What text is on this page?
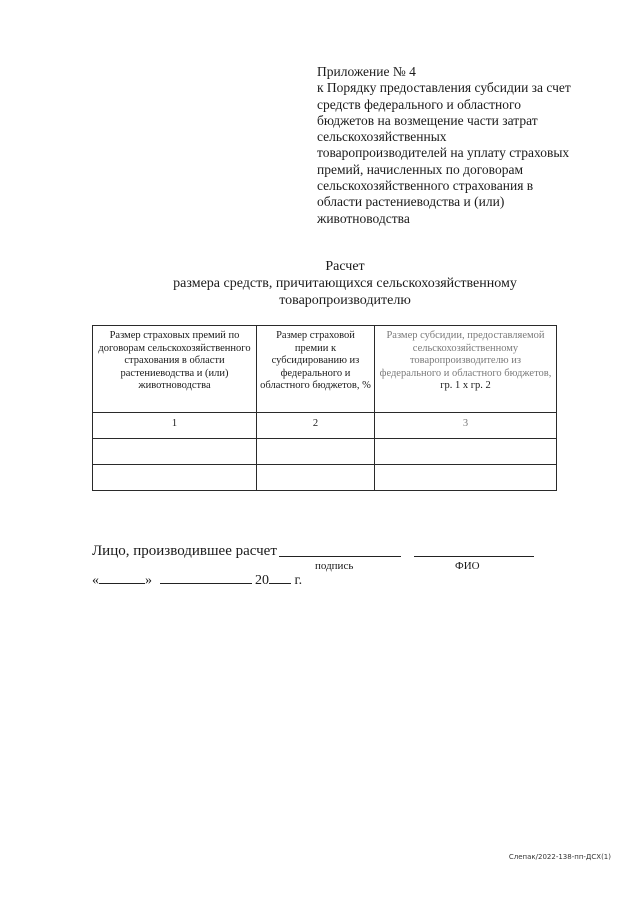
Приложение № 4
к Порядку предоставления субсидии за счет
средств федерального и областного
бюджетов на возмещение части затрат
сельскохозяйственных
товаропроизводителей на уплату страховых
премий, начисленных по договорам
сельскохозяйственного страхования в
области растениеводства и (или)
животноводства
Расчет
размера средств, причитающихся сельскохозяйственному
товаропроизводителю
Размер страховых премий по договорам сельскохозяйственного страхования в области растениеводства и (или) животноводства	Размер страховой премии к субсидированию из федерального и областного бюджетов, %	Размер субсидии, предоставляемой сельскохозяйственному товаропроизводителю из федерального и областного бюджетов,
гр. 1 х гр. 2

1	2	3

Лицо, производившее расчет
подпись	ФИО
«	»	20 г.
Слепак/2022-138-пп-ДСХ(1)
